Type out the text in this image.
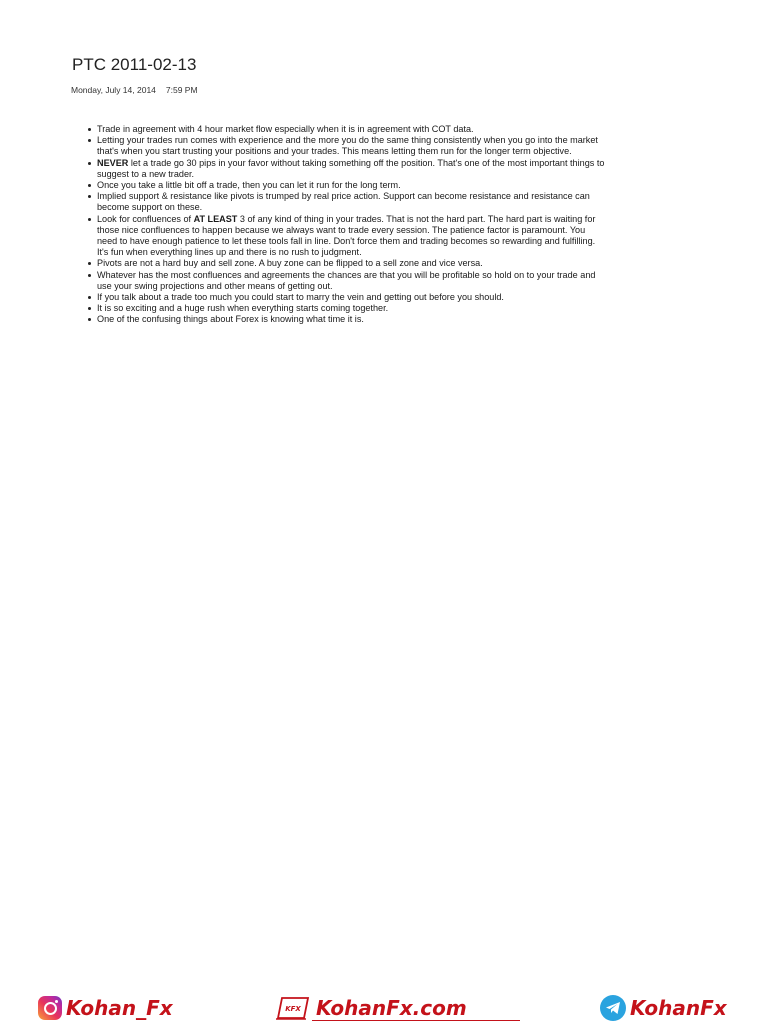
PTC 2011-02-13
Monday, July 14, 2014 7:59 PM
Trade in agreement with 4 hour market flow especially when it is in agreement with COT data.
Letting your trades run comes with experience and the more you do the same thing consistently when you go into the market that's when you start trusting your positions and your trades. This means letting them run for the longer term objective.
NEVER let a trade go 30 pips in your favor without taking something off the position. That's one of the most important things to suggest to a new trader.
Once you take a little bit off a trade, then you can let it run for the long term.
Implied support & resistance like pivots is trumped by real price action. Support can become resistance and resistance can become support on these.
Look for confluences of AT LEAST 3 of any kind of thing in your trades. That is not the hard part. The hard part is waiting for those nice confluences to happen because we always want to trade every session. The patience factor is paramount. You need to have enough patience to let these tools fall in line. Don't force them and trading becomes so rewarding and fulfilling. It's fun when everything lines up and there is no rush to judgment.
Pivots are not a hard buy and sell zone. A buy zone can be flipped to a sell zone and vice versa.
Whatever has the most confluences and agreements the chances are that you will be profitable so hold on to your trade and use your swing projections and other means of getting out.
If you talk about a trade too much you could start to marry the vein and getting out before you should.
It is so exciting and a huge rush when everything starts coming together.
One of the confusing things about Forex is knowing what time it is.
Kohan_Fx	KFX KohanFx.com	KohanFx
